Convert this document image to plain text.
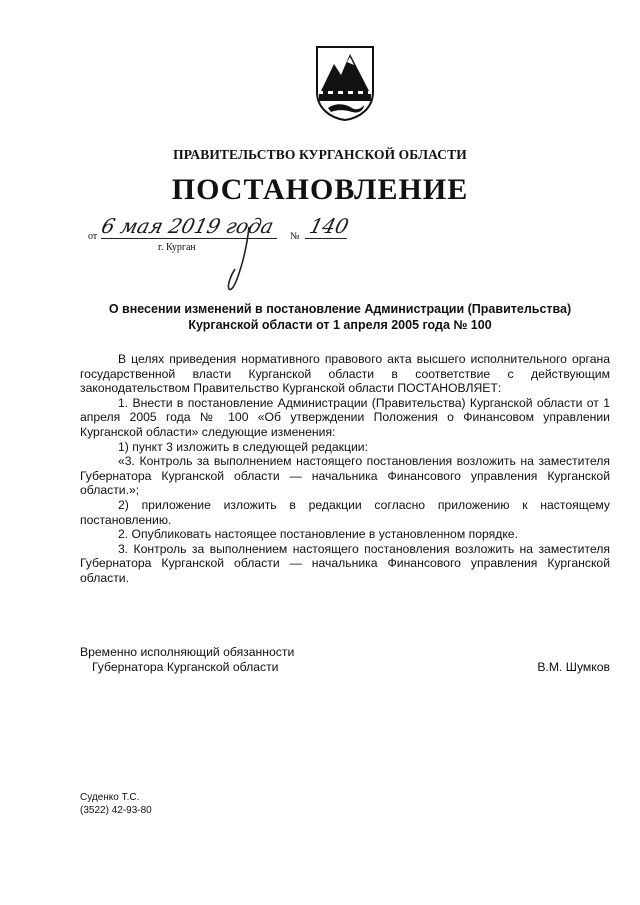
ПРАВИТЕЛЬСТВО КУРГАНСКОЙ ОБЛАСТИ
ПОСТАНОВЛЕНИЕ
от 6 мая 2019 года № 140
г. Курган
О внесении изменений в постановление Администрации (Правительства)
Курганской области от 1 апреля 2005 года № 100

В целях приведения нормативного правового акта высшего исполнительного органа государственной власти Курганской области в соответствие с действующим законодательством Правительство Курганской области ПОСТАНОВЛЯЕТ:

1. Внести в постановление Администрации (Правительства) Курганской области от 1 апреля 2005 года № 100 «Об утверждении Положения о Финансовом управлении Курганской области» следующие изменения:

1) пункт 3 изложить в следующей редакции:

«3. Контроль за выполнением настоящего постановления возложить на заместителя Губернатора Курганской области — начальника Финансового управления Курганской области.»;

2) приложение изложить в редакции согласно приложению к настоящему постановлению.

2. Опубликовать настоящее постановление в установленном порядке.

3. Контроль за выполнением настоящего постановления возложить на заместителя Губернатора Курганской области — начальника Финансового управления Курганской области.

Временно исполняющий обязанности
Губернатора Курганской области	В.М. Шумков
Суденко Т.С.
(3522) 42-93-80
